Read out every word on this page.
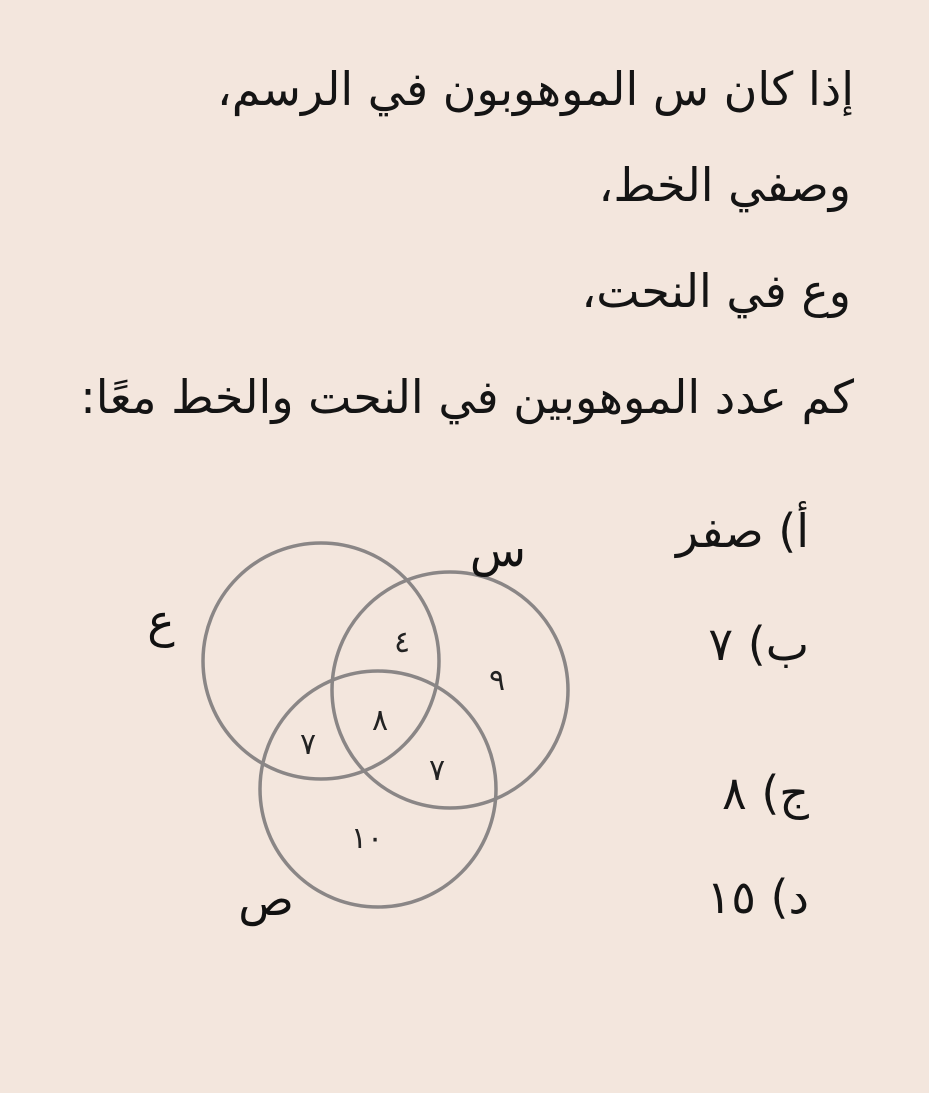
إذا كان س الموهوبون في الرسم،
وصفي الخط،
وع في النحت،
كم عدد الموهوبين في النحت والخط معًا:
ع
س
ص
٤
٩
٧
٨
٧
١٠
أ) صفر
ب) ٧
ج) ٨
د) ١٥
